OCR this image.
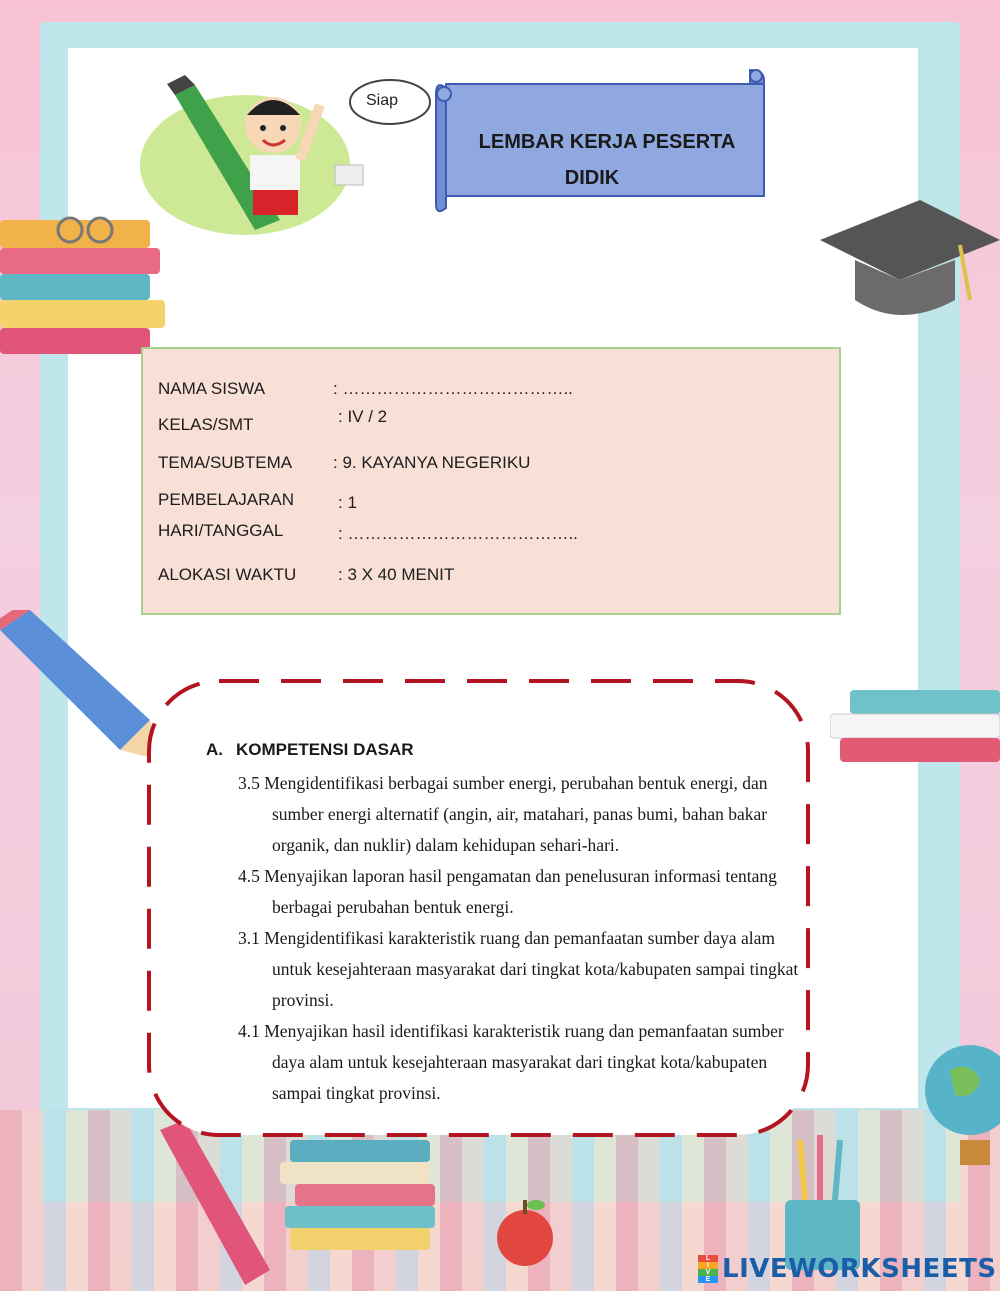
Siap
LEMBAR KERJA PESERTA
DIDIK
NAMA SISWA	: …………………………………..
KELAS/SMT	: IV / 2
TEMA/SUBTEMA : 9. KAYANYA NEGERIKU
PEMBELAJARAN	: 1
HARI/TANGGAL	: …………………………………..
ALOKASI WAKTU : 3 X 40 MENIT
A. KOMPETENSI DASAR
3.5 Mengidentifikasi berbagai sumber energi, perubahan bentuk energi, dan sumber energi alternatif (angin, air, matahari, panas bumi, bahan bakar organik, dan nuklir) dalam kehidupan sehari-hari.
4.5 Menyajikan laporan hasil pengamatan dan penelusuran informasi tentang berbagai perubahan bentuk energi.
3.1 Mengidentifikasi karakteristik ruang dan pemanfaatan sumber daya alam untuk kesejahteraan masyarakat dari tingkat kota/kabupaten sampai tingkat provinsi.
4.1 Menyajikan hasil identifikasi karakteristik ruang dan pemanfaatan sumber daya alam untuk kesejahteraan masyarakat dari tingkat kota/kabupaten sampai tingkat provinsi.
L
I
V
E LIVEWORKSHEETS
